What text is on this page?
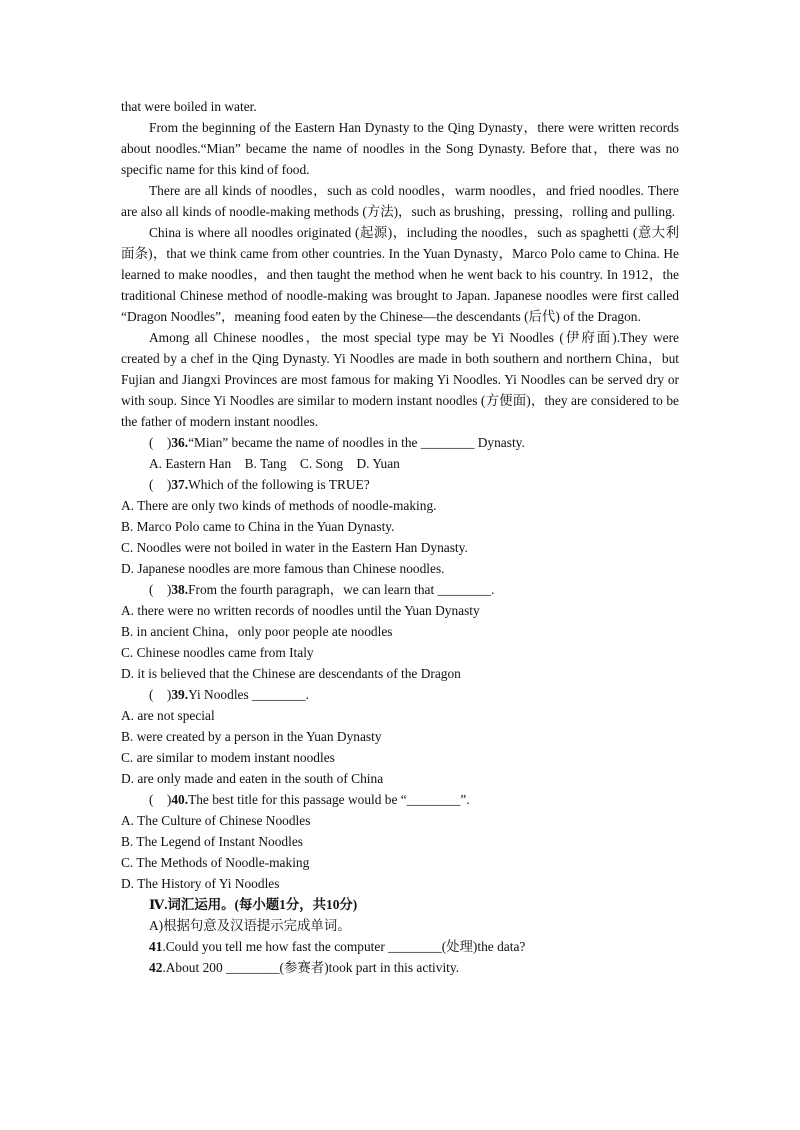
that were boiled in water.

From the beginning of the Eastern Han Dynasty to the Qing Dynasty，there were written records about noodles.“Mian” became the name of noodles in the Song Dynasty. Before that，there was no specific name for this kind of food.

There are all kinds of noodles，such as cold noodles，warm noodles，and fried noodles. There are also all kinds of noodle-making methods (方法)，such as brushing，pressing，rolling and pulling.

China is where all noodles originated (起源)，including the noodles，such as spaghetti (意大利面条)，that we think came from other countries. In the Yuan Dynasty，Marco Polo came to China. He learned to make noodles，and then taught the method when he went back to his country. In 1912，the traditional Chinese method of noodle-making was brought to Japan. Japanese noodles were first called “Dragon Noodles”，meaning food eaten by the Chinese—the descendants (后代) of the Dragon.

Among all Chinese noodles，the most special type may be Yi Noodles (伊府面).They were created by a chef in the Qing Dynasty. Yi Noodles are made in both southern and northern China，but Fujian and Jiangxi Provinces are most famous for making Yi Noodles. Yi Noodles can be served dry or with soup. Since Yi Noodles are similar to modern instant noodles (方便面)，they are considered to be the father of modern instant noodles.

(　)36.“Mian” became the name of noodles in the ________ Dynasty.

A. Eastern Han　B. Tang　C. Song　D. Yuan

(　)37.Which of the following is TRUE?

A. There are only two kinds of methods of noodle-making.

B. Marco Polo came to China in the Yuan Dynasty.

C. Noodles were not boiled in water in the Eastern Han Dynasty.

D. Japanese noodles are more famous than Chinese noodles.

(　)38.From the fourth paragraph，we can learn that ________.

A. there were no written records of noodles until the Yuan Dynasty

B. in ancient China，only poor people ate noodles

C. Chinese noodles came from Italy

D. it is believed that the Chinese are descendants of the Dragon

(　)39.Yi Noodles ________.

A. are not special

B. were created by a person in the Yuan Dynasty

C. are similar to modem instant noodles

D. are only made and eaten in the south of China

(　)40.The best title for this passage would be “________”.

A. The Culture of Chinese Noodles

B. The Legend of Instant Noodles

C. The Methods of Noodle-making

D. The History of Yi Noodles

Ⅳ.词汇运用。(每小题1分，共10分)

A)根据句意及汉语提示完成单词。

41.Could you tell me how fast the computer ________(处理)the data?

42.About 200 ________(参赛者)took part in this activity.
